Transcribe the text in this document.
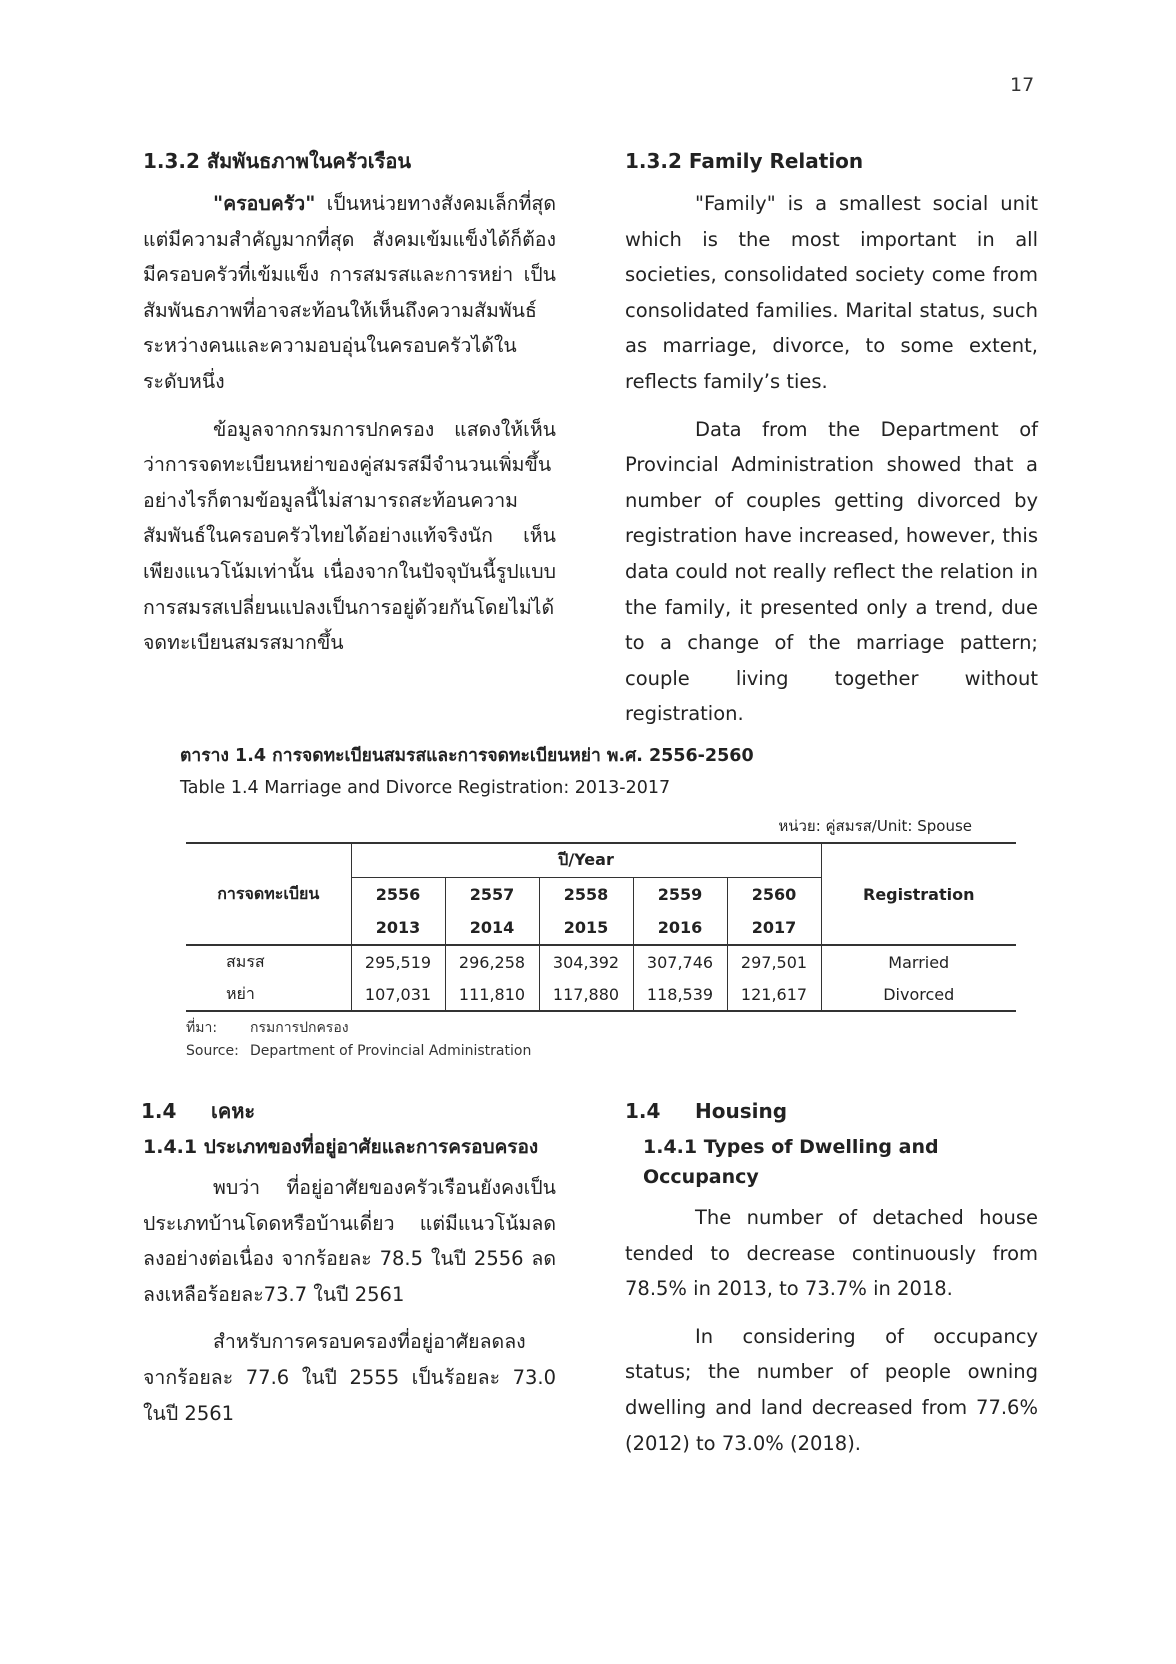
17
1.3.2 สัมพันธภาพในครัวเรือน

"ครอบครัว" เป็นหน่วยทางสังคมเล็กที่สุดแต่มีความสำคัญมากที่สุด สังคมเข้มแข็งได้ก็ต้องมีครอบครัวที่เข้มแข็ง การสมรสและการหย่า เป็นสัมพันธภาพที่อาจสะท้อนให้เห็นถึงความสัมพันธ์ระหว่างคนและความอบอุ่นในครอบครัวได้ในระดับหนึ่ง

ข้อมูลจากกรมการปกครอง แสดงให้เห็นว่าการจดทะเบียนหย่าของคู่สมรสมีจำนวนเพิ่มขึ้น อย่างไรก็ตามข้อมูลนี้ไม่สามารถสะท้อนความสัมพันธ์ในครอบครัวไทยได้อย่างแท้จริงนัก เห็นเพียงแนวโน้มเท่านั้น เนื่องจากในปัจจุบันนี้รูปแบบการสมรสเปลี่ยนแปลงเป็นการอยู่ด้วยกันโดยไม่ได้จดทะเบียนสมรสมากขึ้น

1.3.2 Family Relation

"Family" is a smallest social unit which is the most important in all societies, consolidated society come from consolidated families. Marital status, such as marriage, divorce, to some extent, reflects family’s ties.

Data from the Department of Provincial Administration showed that a number of couples getting divorced by registration have increased, however, this data could not really reflect the relation in the family, it presented only a trend, due to a change of the marriage pattern; couple living together without registration.

ตาราง 1.4 การจดทะเบียนสมรสและการจดทะเบียนหย่า พ.ศ. 2556-2560
Table 1.4 Marriage and Divorce Registration: 2013-2017
หน่วย: คู่สมรส/Unit: Spouse
การจดทะเบียน	ปี/Year					Registration
	2556	2557	2558	2559	2560	
	2013	2014	2015	2016	2017	
สมรส	295,519	296,258	304,392	307,746	297,501	Married
หย่า	107,031	111,810	117,880	118,539	121,617	Divorced
ที่มา: กรมการปกครอง
Source: Department of Provincial Administration
1.4 เคหะ
1.4.1 ประเภทของที่อยู่อาศัยและการครอบครอง

พบว่า ที่อยู่อาศัยของครัวเรือนยังคงเป็นประเภทบ้านโดดหรือบ้านเดี่ยว แต่มีแนวโน้มลดลงอย่างต่อเนื่อง จากร้อยละ 78.5 ในปี 2556 ลดลงเหลือร้อยละ73.7 ในปี 2561

สำหรับการครอบครองที่อยู่อาศัยลดลงจากร้อยละ 77.6 ในปี 2555 เป็นร้อยละ 73.0 ในปี 2561

1.4 Housing
1.4.1 Types of Dwelling and Occupancy

The number of detached house tended to decrease continuously from 78.5% in 2013, to 73.7% in 2018.

In considering of occupancy status; the number of people owning dwelling and land decreased from 77.6% (2012) to 73.0% (2018).
